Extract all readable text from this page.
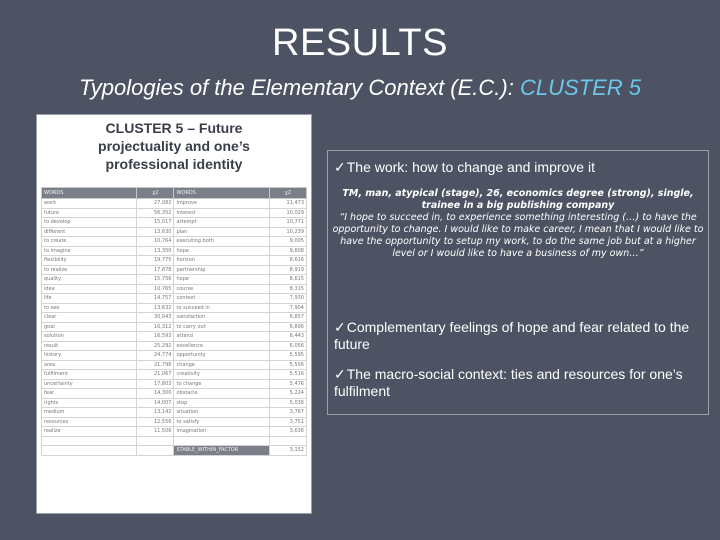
RESULTS
Typologies of the Elementary Context (E.C.): CLUSTER 5
CLUSTER 5 – Future
projectuality and one’s
professional identity
WORDS	χ2	WORDS	χ2
work	27,082	improve	11,473
future	56,352	interest	10,029
to develop	15,017	attempt	10,771
different	13,630	plan	10,239
to create	10,764	executing both	9,005
to imagine	13,350	hope	9,608
flexibility	19,775	horizon	8,616
to realize	17,878	partnership	8,919
quality	15,756	hope	8,615
idea	10,765	course	8,315
life	14,757	context	7,930
to see	13,632	to succeed in	7,904
clear	30,043	satisfaction	6,857
goal	16,312	to carry out	6,896
solution	16,593	attend	6,443
result	25,292	excellence	6,056
history	24,774	opportunity	5,595
area	21,796	change	5,556
fulfilment	21,067	creativity	5,516
uncertainty	17,803	to change	5,476
fear	14,300	obstacle	5,224
rights	14,007	stop	5,036
medium	13,142	situation	3,767
resources	12,556	to satisfy	3,751
realize	11,506	imagination	3,636

		STABLE_WITHIN_FACTOR	3,152
✓The work: how to change and improve it
TM, man, atypical (stage), 26, economics degree (strong), single, trainee in a big publishing company
“I hope to succeed in, to experience something interesting (…) to have the opportunity to change. I would like to make career, I mean that I would like to have the opportunity to setup my work, to do the same job but at a higher level or I would like to have a business of my own…”
✓Complementary feelings of hope and fear related to the future
✓The macro-social context: ties and resources for one’s fulfilment
